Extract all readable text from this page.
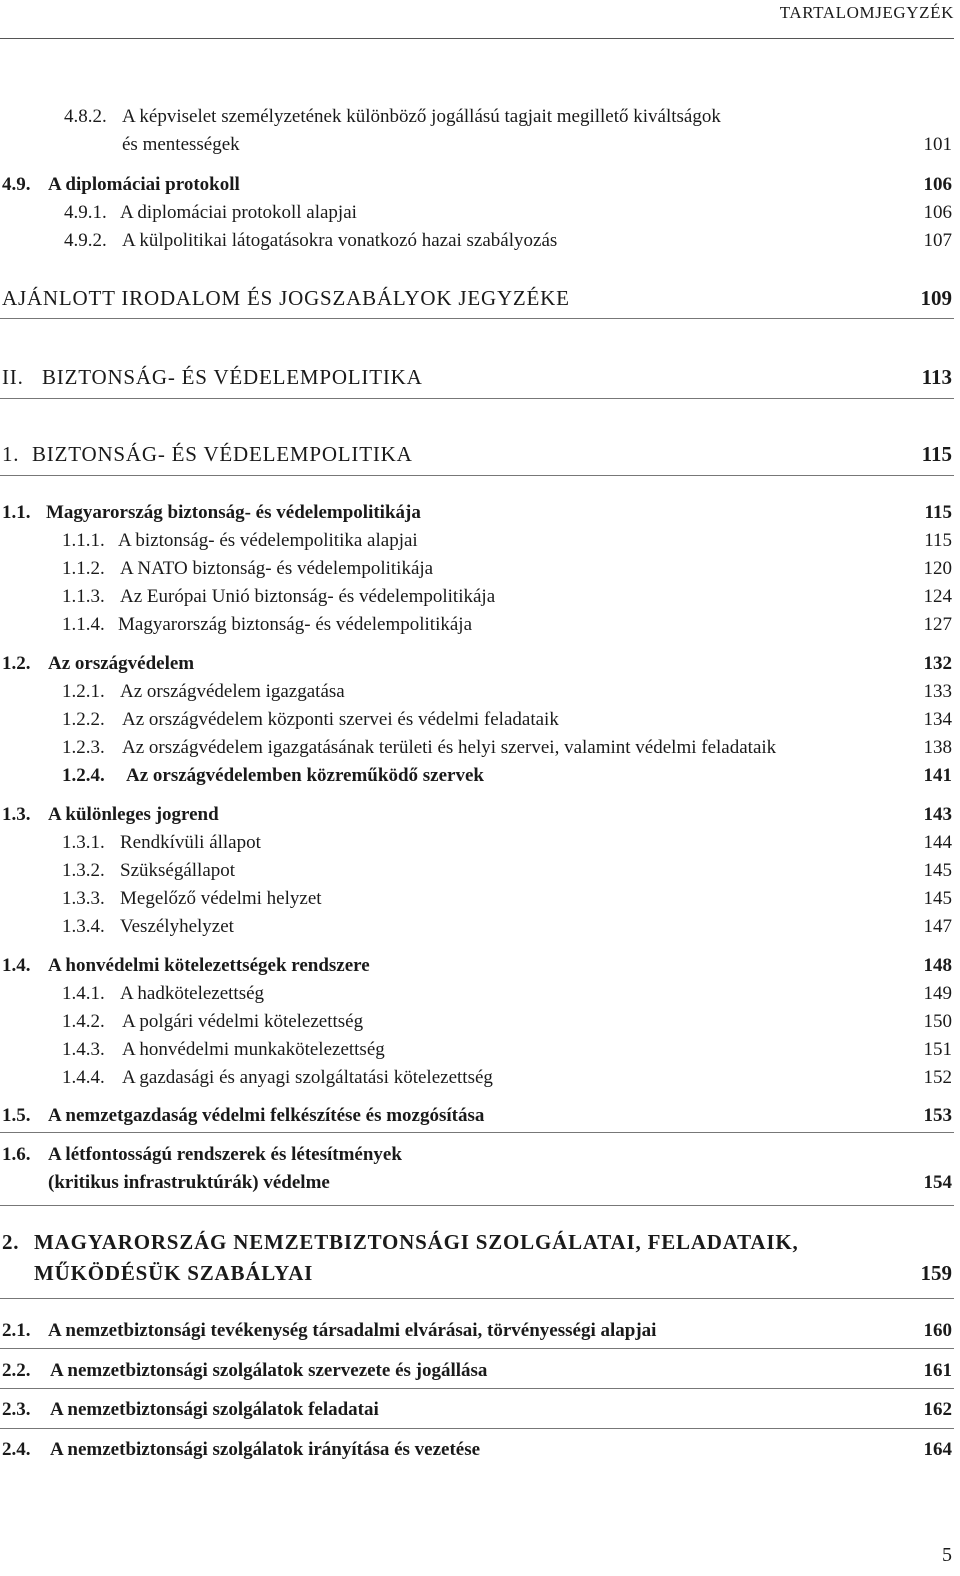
TARTALOMJEGYZÉK
4.8.2. A képviselet személyzetének különböző jogállású tagjait megillető kiváltságok
és mentességek	101
4.9. A diplomáciai protokoll	106
4.9.1. A diplomáciai protokoll alapjai	106
4.9.2. A külpolitikai látogatásokra vonatkozó hazai szabályozás	107
AJÁNLOTT IRODALOM ÉS JOGSZABÁLYOK JEGYZÉKE	109
II. BIZTONSÁG- ÉS VÉDELEMPOLITIKA	113
1. BIZTONSÁG- ÉS VÉDELEMPOLITIKA	115
1.1. Magyarország biztonság- és védelempolitikája	115
1.1.1. A biztonság- és védelempolitika alapjai	115
1.1.2. A NATO biztonság- és védelempolitikája	120
1.1.3. Az Európai Unió biztonság- és védelempolitikája	124
1.1.4. Magyarország biztonság- és védelempolitikája	127
1.2. Az országvédelem	132
1.2.1. Az országvédelem igazgatása	133
1.2.2. Az országvédelem központi szervei és védelmi feladataik	134
1.2.3. Az országvédelem igazgatásának területi és helyi szervei, valamint védelmi feladataik	138
1.2.4. Az országvédelemben közreműködő szervek	141
1.3. A különleges jogrend	143
1.3.1. Rendkívüli állapot	144
1.3.2. Szükségállapot	145
1.3.3. Megelőző védelmi helyzet	145
1.3.4. Veszélyhelyzet	147
1.4. A honvédelmi kötelezettségek rendszere	148
1.4.1. A hadkötelezettség	149
1.4.2. A polgári védelmi kötelezettség	150
1.4.3. A honvédelmi munkakötelezettség	151
1.4.4. A gazdasági és anyagi szolgáltatási kötelezettség	152
1.5. A nemzetgazdaság védelmi felkészítése és mozgósítása	153
1.6. A létfontosságú rendszerek és létesítmények
(kritikus infrastruktúrák) védelme	154
2. MAGYARORSZÁG NEMZETBIZTONSÁGI SZOLGÁLATAI, FELADATAIK,
MŰKÖDÉSÜK SZABÁLYAI	159
2.1. A nemzetbiztonsági tevékenység társadalmi elvárásai, törvényességi alapjai	160
2.2. A nemzetbiztonsági szolgálatok szervezete és jogállása	161
2.3. A nemzetbiztonsági szolgálatok feladatai	162
2.4. A nemzetbiztonsági szolgálatok irányítása és vezetése	164
5
